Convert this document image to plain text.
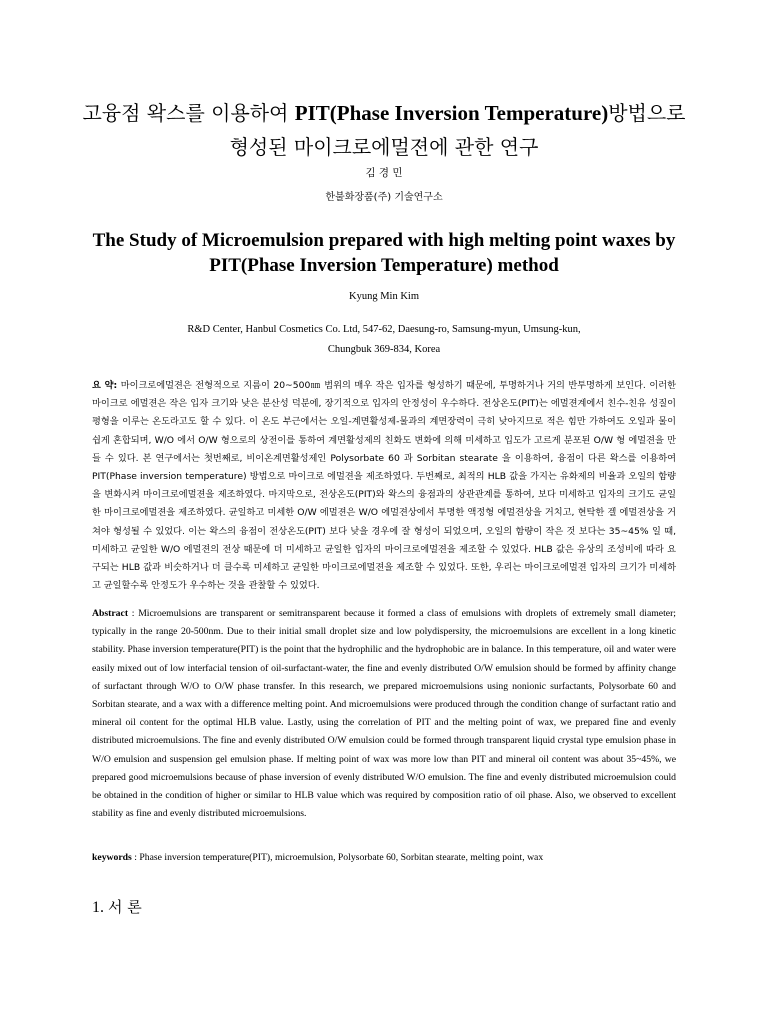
고융점 왁스를 이용하여 PIT(Phase Inversion Temperature)방법으로
형성된 마이크로에멀젼에 관한 연구
김 경 민
한불화장품(주) 기술연구소
The Study of Microemulsion prepared with high melting point waxes by
PIT(Phase Inversion Temperature) method
Kyung Min Kim
R&D Center, Hanbul Cosmetics Co. Ltd, 547-62, Daesung-ro, Samsung-myun, Umsung-kun,
Chungbuk 369-834, Korea
요 약: 마이크로에멀젼은 전형적으로 지름이 20~500㎚ 범위의 매우 작은 입자를 형성하기 때문에, 투명하거나 거의 반투명하게 보인다. 이러한 마이크로 에멀젼은 작은 입자 크기와 낮은 분산성 덕분에, 장기적으로 입자의 안정성이 우수하다. 전상온도(PIT)는 에멀젼계에서 친수-친유 성질이 평형을 이루는 온도라고도 할 수 있다. 이 온도 부근에서는 오일-계면활성제-물과의 계면장력이 극히 낮아지므로 적은 힘만 가하여도 오일과 물이 쉽게 혼합되며, W/O 에서 O/W 형으로의 상전이를 통하여 계면활성제의 친화도 변화에 의해 미세하고 입도가 고르게 분포된 O/W 형 에멀젼을 만들 수 있다. 본 연구에서는 첫번째로, 비이온계면활성제인 Polysorbate 60 과 Sorbitan stearate 을 이용하여, 융점이 다른 왁스를 이용하여 PIT(Phase inversion temperature) 방법으로 마이크로 에멀젼을 제조하였다. 두번째로, 최적의 HLB 값을 가지는 유화제의 비율과 오일의 함량을 변화시켜 마이크로에멀젼을 제조하였다. 마지막으로, 전상온도(PIT)와 왁스의 융점과의 상관관계를 통하여, 보다 미세하고 입자의 크기도 균일한 마이크로에멀젼을 제조하였다. 균일하고 미세한 O/W 에멀젼은 W/O 에멀젼상에서 투명한 액정형 에멀젼상을 거치고, 현탁한 겔 에멀젼상을 거쳐야 형성될 수 있었다. 이는 왁스의 융점이 전상온도(PIT) 보다 낮을 경우에 잘 형성이 되었으며, 오일의 함량이 작은 것 보다는 35~45% 일 때, 미세하고 균일한 W/O 에멀젼의 전상 때문에 더 미세하고 균일한 입자의 마이크로에멀젼을 제조할 수 있었다. HLB 값은 유상의 조성비에 따라 요구되는 HLB 값과 비슷하거나 더 클수록 미세하고 균일한 마이크로에멀젼을 제조할 수 있었다. 또한, 우리는 마이크로에멀젼 입자의 크기가 미세하고 균일할수록 안정도가 우수하는 것을 관찰할 수 있었다.
Abstract : Microemulsions are transparent or semitransparent because it formed a class of emulsions with droplets of extremely small diameter; typically in the range 20-500nm. Due to their initial small droplet size and low polydispersity, the microemulsions are excellent in a long kinetic stability. Phase inversion temperature(PIT) is the point that the hydrophilic and the hydrophobic are in balance. In this temperature, oil and water were easily mixed out of low interfacial tension of oil-surfactant-water, the fine and evenly distributed O/W emulsion should be formed by affinity change of surfactant through W/O to O/W phase transfer. In this research, we prepared microemulsions using nonionic surfactants, Polysorbate 60 and Sorbitan stearate, and a wax with a difference melting point. And microemulsions were produced through the condition change of surfactant ratio and mineral oil content for the optimal HLB value. Lastly, using the correlation of PIT and the melting point of wax, we prepared fine and evenly distributed microemulsions. The fine and evenly distributed O/W emulsion could be formed through transparent liquid crystal type emulsion phase in W/O emulsion and suspension gel emulsion phase. If melting point of wax was more low than PIT and mineral oil content was about 35~45%, we prepared good microemulsions because of phase inversion of evenly distributed W/O emulsion. The fine and evenly distributed microemulsion could be obtained in the condition of higher or similar to HLB value which was required by composition ratio of oil phase. Also, we observed to excellent stability as fine and evenly distributed microemulsions.
keywords : Phase inversion temperature(PIT), microemulsion, Polysorbate 60, Sorbitan stearate, melting point, wax
1. 서 론
